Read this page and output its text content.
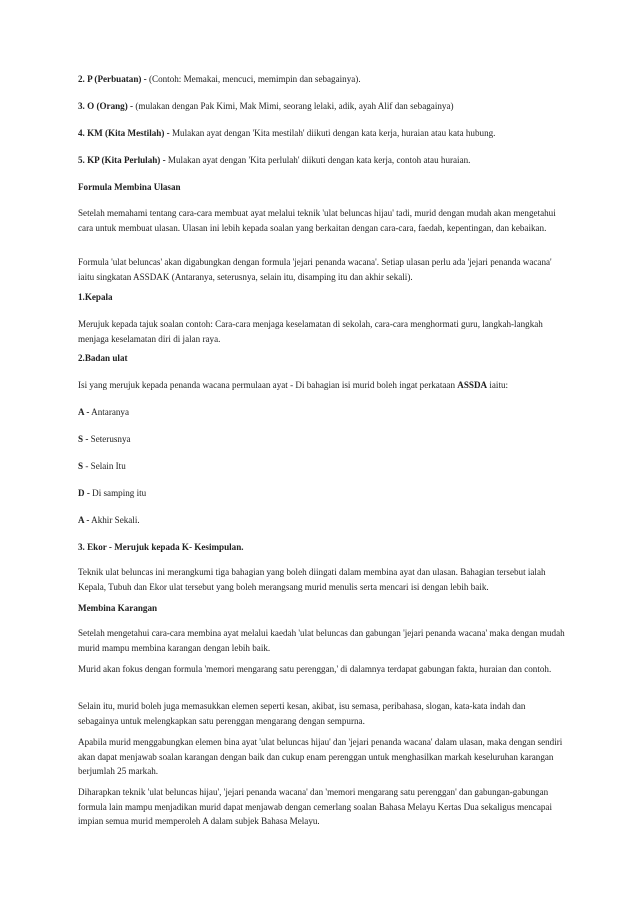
2. P (Perbuatan) - (Contoh: Memakai, mencuci, memimpin dan sebagainya).

3. O (Orang) - (mulakan dengan Pak Kimi, Mak Mimi, seorang lelaki, adik, ayah Alif dan sebagainya)

4. KM (Kita Mestilah) - Mulakan ayat dengan 'Kita mestilah' diikuti dengan kata kerja, huraian atau kata hubung.

5. KP (Kita Perlulah) - Mulakan ayat dengan 'Kita perlulah' diikuti dengan kata kerja, contoh atau huraian.

Formula Membina Ulasan

Setelah memahami tentang cara-cara membuat ayat melalui teknik 'ulat beluncas hijau' tadi, murid dengan mudah akan mengetahui cara untuk membuat ulasan. Ulasan ini lebih kepada soalan yang berkaitan dengan cara-cara, faedah, kepentingan, dan kebaikan.

Formula 'ulat beluncas' akan digabungkan dengan formula 'jejari penanda wacana'. Setiap ulasan perlu ada 'jejari penanda wacana' iaitu singkatan ASSDAK (Antaranya, seterusnya, selain itu, disamping itu dan akhir sekali).

1.Kepala

Merujuk kepada tajuk soalan contoh: Cara-cara menjaga keselamatan di sekolah, cara-cara menghormati guru, langkah-langkah menjaga keselamatan diri di jalan raya.

2.Badan ulat

Isi yang merujuk kepada penanda wacana permulaan ayat - Di bahagian isi murid boleh ingat perkataan ASSDA iaitu:

A - Antaranya

S - Seterusnya

S - Selain Itu

D - Di samping itu

A - Akhir Sekali.

3. Ekor - Merujuk kepada K- Kesimpulan.

Teknik ulat beluncas ini merangkumi tiga bahagian yang boleh diingati dalam membina ayat dan ulasan. Bahagian tersebut ialah Kepala, Tubuh dan Ekor ulat tersebut yang boleh merangsang murid menulis serta mencari isi dengan lebih baik.

Membina Karangan

Setelah mengetahui cara-cara membina ayat melalui kaedah 'ulat beluncas dan gabungan 'jejari penanda wacana' maka dengan mudah murid mampu membina karangan dengan lebih baik.

Murid akan fokus dengan formula 'memori mengarang satu perenggan,' di dalamnya terdapat gabungan fakta, huraian dan contoh.

Selain itu, murid boleh juga memasukkan elemen seperti kesan, akibat, isu semasa, peribahasa, slogan, kata-kata indah dan sebagainya untuk melengkapkan satu perenggan mengarang dengan sempurna.

Apabila murid menggabungkan elemen bina ayat 'ulat beluncas hijau' dan 'jejari penanda wacana' dalam ulasan, maka dengan sendiri akan dapat menjawab soalan karangan dengan baik dan cukup enam perenggan untuk menghasilkan markah keseluruhan karangan berjumlah 25 markah.

Diharapkan teknik 'ulat beluncas hijau', 'jejari penanda wacana' dan 'memori mengarang satu perenggan' dan gabungan-gabungan formula lain mampu menjadikan murid dapat menjawab dengan cemerlang soalan Bahasa Melayu Kertas Dua sekaligus mencapai impian semua murid memperoleh A dalam subjek Bahasa Melayu.
